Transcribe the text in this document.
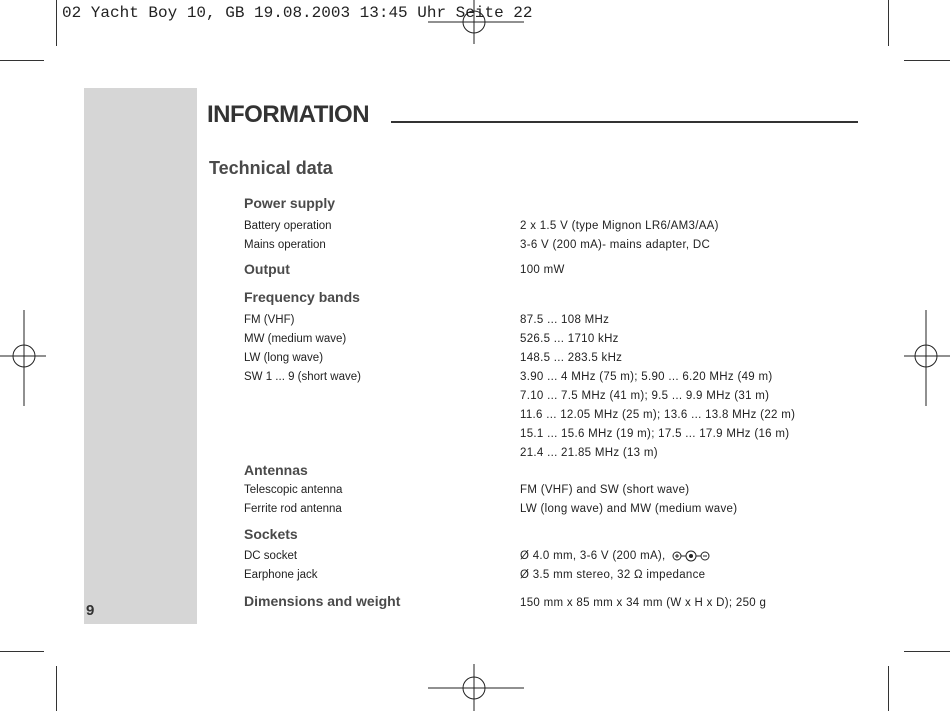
02 Yacht Boy 10, GB 19.08.2003 13:45 Uhr Seite 22
9
INFORMATION
Technical data
Power supply
Battery operation	2 x 1.5 V (type Mignon LR6/AM3/AA)
Mains operation	3-6 V (200 mA)- mains adapter, DC
Output	100 mW
Frequency bands
FM (VHF)	87.5 ... 108 MHz
MW (medium wave)	526.5 ... 1710 kHz
LW (long wave)	148.5 ... 283.5 kHz
SW 1 ... 9 (short wave)	3.90 ... 4 MHz (75 m); 5.90 ... 6.20 MHz (49 m)
7.10 ... 7.5 MHz (41 m); 9.5 ... 9.9 MHz (31 m)
11.6 ... 12.05 MHz (25 m); 13.6 ... 13.8 MHz (22 m)
15.1 ... 15.6 MHz (19 m); 17.5 ... 17.9 MHz (16 m)
21.4 ... 21.85 MHz (13 m)
Antennas
Telescopic antenna	FM (VHF) and SW (short wave)
Ferrite rod antenna	LW (long wave) and MW (medium wave)
Sockets
DC socket	Ø 4.0 mm, 3-6 V (200 mA),
Earphone jack	Ø 3.5 mm stereo, 32 Ω impedance
Dimensions and weight	150 mm x 85 mm x 34 mm (W x H x D); 250 g
